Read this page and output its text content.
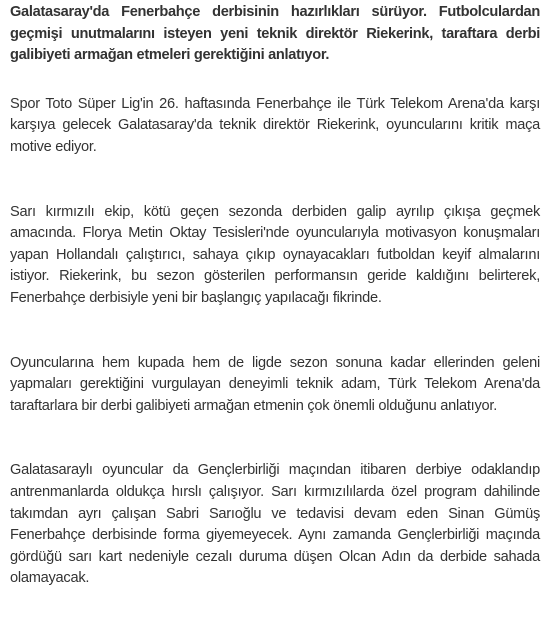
Galatasaray'da Fenerbahçe derbisinin hazırlıkları sürüyor. Futbolculardan geçmişi unutmalarını isteyen yeni teknik direktör Riekerink, taraftara derbi galibiyeti armağan etmeleri gerektiğini anlatıyor.

Spor Toto Süper Lig'in 26. haftasında Fenerbahçe ile Türk Telekom Arena'da karşı karşıya gelecek Galatasaray'da teknik direktör Riekerink, oyuncularını kritik maça motive ediyor.

Sarı kırmızılı ekip, kötü geçen sezonda derbiden galip ayrılıp çıkışa geçmek amacında. Florya Metin Oktay Tesisleri'nde oyuncularıyla motivasyon konuşmaları yapan Hollandalı çalıştırıcı, sahaya çıkıp oynayacakları futboldan keyif almalarını istiyor. Riekerink, bu sezon gösterilen performansın geride kaldığını belirterek, Fenerbahçe derbisiyle yeni bir başlangıç yapılacağı fikrinde.

Oyuncularına hem kupada hem de ligde sezon sonuna kadar ellerinden geleni yapmaları gerektiğini vurgulayan deneyimli teknik adam, Türk Telekom Arena'da taraftarlara bir derbi galibiyeti armağan etmenin çok önemli olduğunu anlatıyor.

Galatasaraylı oyuncular da Gençlerbirliği maçından itibaren derbiye odaklandıp antrenmanlarda oldukça hırslı çalışıyor. Sarı kırmızılılarda özel program dahilinde takımdan ayrı çalışan Sabri Sarıoğlu ve tedavisi devam eden Sinan Gümüş Fenerbahçe derbisinde forma giyemeyecek. Aynı zamanda Gençlerbirliği maçında gördüğü sarı kart nedeniyle cezalı duruma düşen Olcan Adın da derbide sahada olamayacak.
